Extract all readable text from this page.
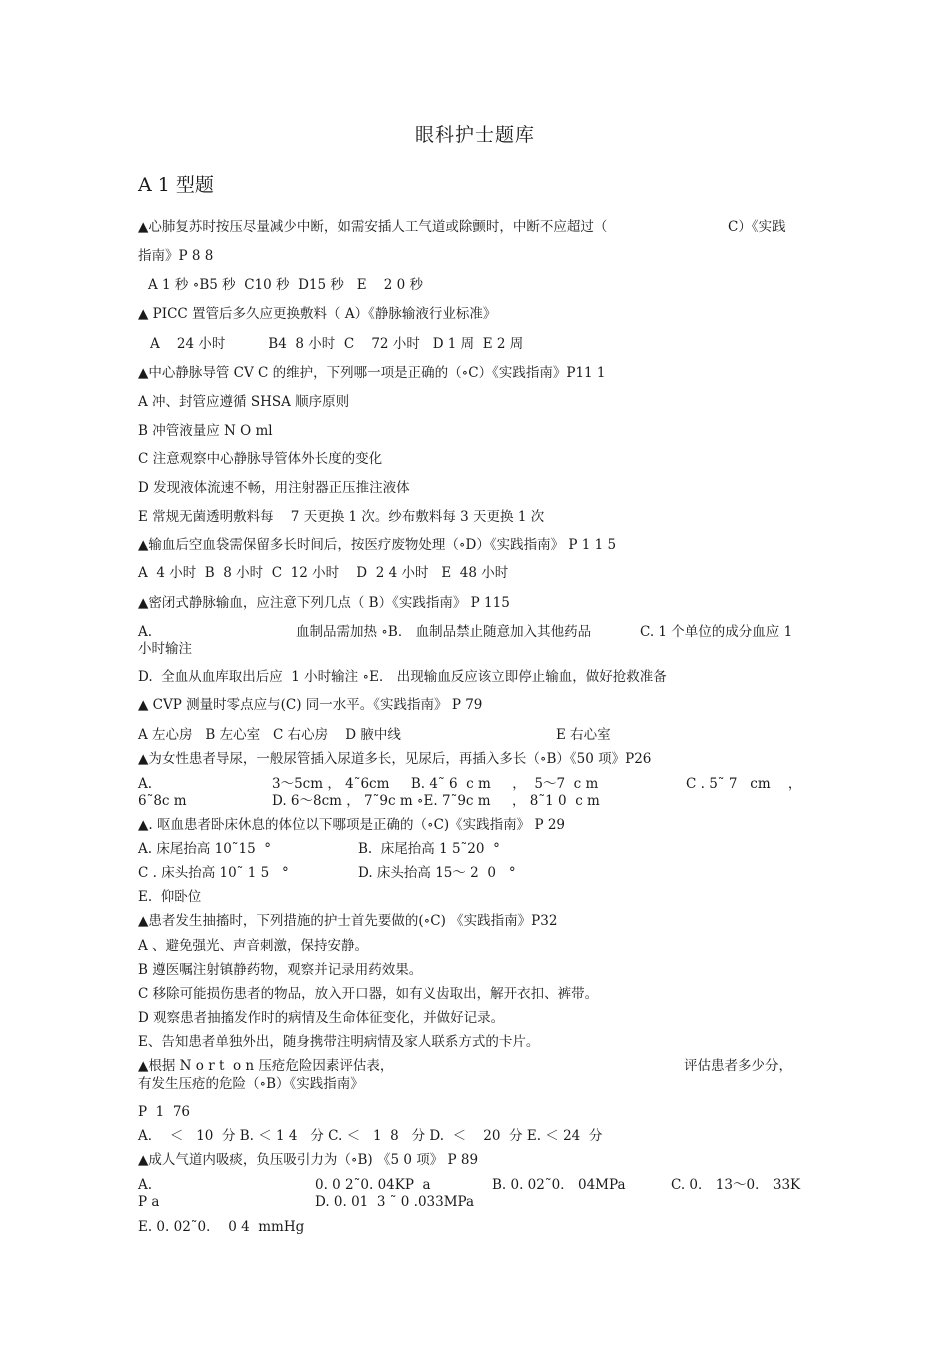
眼科护士题库
A 1 型题
▲心肺复苏时按压尽量减少中断，如需安插人工气道或除颤时，中断不应超过（	C）《实践
指南》P 8 8
A 1 秒 ∘B5 秒  C10 秒  D15 秒   E    2 0 秒
▲ PICC 置管后多久应更换敷料（ A）《静脉输液行业标准》
A    24 小时          B4  8 小时  C    72 小时   D 1 周  E 2 周
▲中心静脉导管 CV C 的维护，下列哪一项是正确的（∘C）《实践指南》P11 1
A 冲、封管应遵循 SHSA 顺序原则
B 冲管液量应 N O ml
C 注意观察中心静脉导管体外长度的变化
D 发现液体流速不畅，用注射器正压推注液体
E 常规无菌透明敷料每    7 天更换 1 次。纱布敷料每 3 天更换 1 次
▲输血后空血袋需保留多长时间后，按医疗废物处理（∘D）《实践指南》 P 1 1 5
A  4 小时  B  8 小时  C  12 小时    D  2 4 小时   E  48 小时
▲密闭式静脉输血，应注意下列几点（ B）《实践指南》 P 115
A.	血制品需加热 ∘B． 血制品禁止随意加入其他药品	C. 1 个单位的成分血应 1
小时输注
D.  全血从血库取出后应  1 小时输注 ∘E． 出现输血反应该立即停止输血，做好抢救准备
▲ CVP 测量时零点应与(C) 同一水平。《实践指南》 P 79
A 左心房   B 左心室   C 右心房    D 腋中线	E 右心室
▲为女性患者导尿，一般尿管插入尿道多长，见尿后，再插入多长（∘B）《50 项》P26
A.	3～5cm ， 4˜6cm     B. 4˜ 6  c m     ，  5～7  c m	C . 5˜ 7   cm    ，
6˜8c m	D. 6～8cm ， 7˜9c m ∘E. 7˜9c m     ， 8˜1 0  c m
▲. 呕血患者卧床休息的体位以下哪项是正确的（∘C)《实践指南》 P 29
A. 床尾抬高 10˜15  °	B.  床尾抬高 1 5˜20  °
C . 床头抬高 10˜ 1 5   °	D. 床头抬高 15～ 2  0   °
E.  仰卧位
▲患者发生抽搐时，下列措施的护士首先要做的(∘C) 《实践指南》P32
A 、避免强光、声音刺激，保持安静。
B 遵医嘱注射镇静药物，观察并记录用药效果。
C 移除可能损伤患者的物品，放入开口器，如有义齿取出，解开衣扣、裤带。
D 观察患者抽搐发作时的病情及生命体征变化，并做好记录。
E、告知患者单独外出，随身携带注明病情及家人联系方式的卡片。
▲根据 N o r t  o n 压疮危险因素评估表，	评估患者多少分，
有发生压疮的危险（∘B）《实践指南》
P  1  76
A．  ＜   10  分 B. ＜ 1 4   分 C. ＜   1  8   分 D.  ＜    20  分 E. ＜ 24  分
▲成人气道内吸痰，负压吸引力为（∘B) 《5 0 项》 P 89
A.	0. 0 2˜0. 04KP  a	B. 0. 02˜0． 04MPa	C. 0． 13～0． 33K
P a	D. 0. 01  3 ˜ 0 .033MPa
E. 0. 02˜0．  0 4  mmHg
